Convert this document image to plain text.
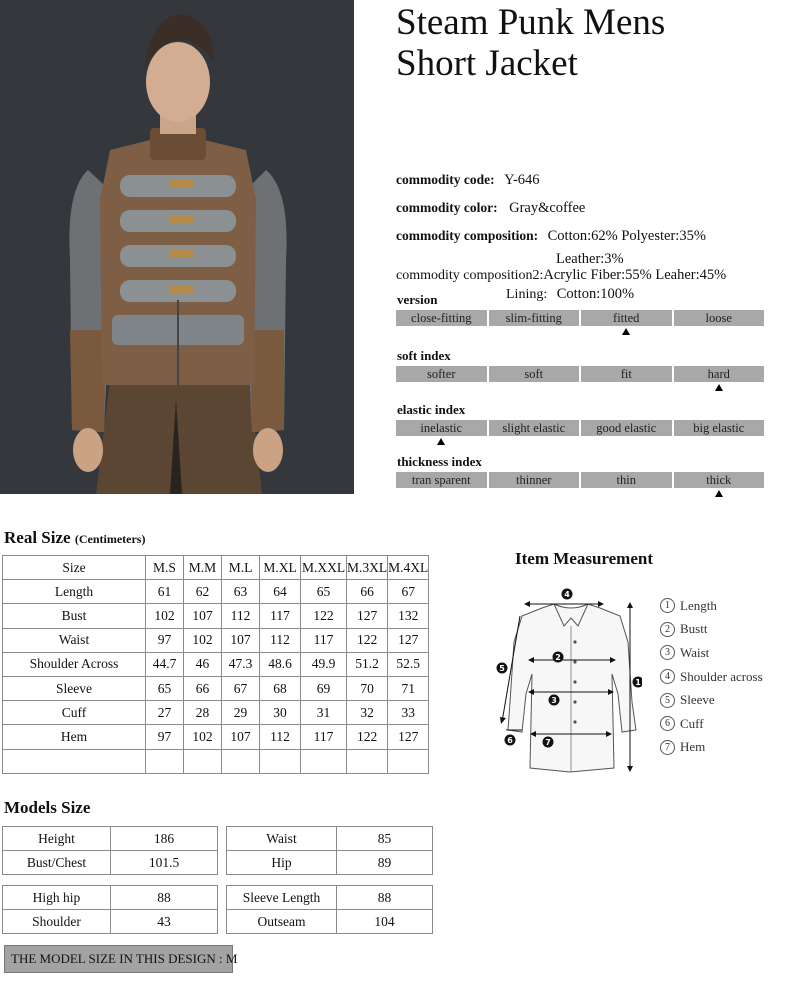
Steam Punk Mens
Short Jacket
commodity code: Y-646
commodity color: Gray&coffee
commodity composition: Cotton:62% Polyester:35%
Leather:3%
commodity composition2:Acrylic Fiber:55% Leaher:45%
Lining: Cotton:100%
version
close-fitting	slim-fitting	fitted	loose
soft index
softer	soft	fit	hard
elastic index
inelastic	slight elastic	good elastic	big elastic
thickness index
tran sparent	thinner	thin	thick
Real Size (Centimeters)
Size	M.S	M.M	M.L	M.XL	M.XXL	M.3XL	M.4XL
Length	61	62	63	64	65	66	67
Bust	102	107	112	117	122	127	132
Waist	97	102	107	112	117	122	127
Shoulder Across	44.7	46	47.3	48.6	49.9	51.2	52.5
Sleeve	65	66	67	68	69	70	71
Cuff	27	28	29	30	31	32	33
Hem	97	102	107	112	117	122	127

Item Measurement
4
2
3
1
5
6	7
1 Length
2 Bustt
3 Waist
4 Shoulder across
5 Sleeve
6 Cuff
7 Hem
Models Size
Height	186
Bust/Chest	101.5
Waist	85
Hip	89
High hip	88
Shoulder	43
Sleeve Length	88
Outseam	104
THE MODEL SIZE IN THIS DESIGN : M
